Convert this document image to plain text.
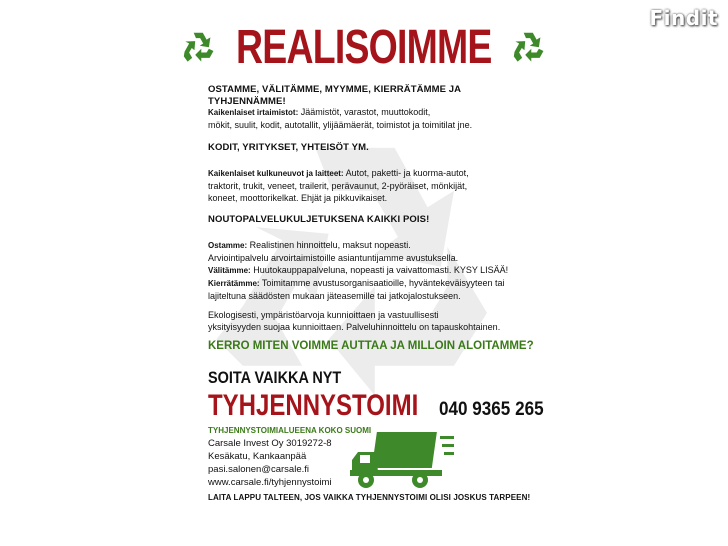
Findit
REALISOIMME

OSTAMME, VÄLITÄMME, MYYMME, KIERRÄTÄMME JA TYHJENNÄMME!

Kaikenlaiset irtaimistot: Jäämistöt, varastot, muuttokodit,

mökit, suulit, kodit, autotallit, ylijäämäerät, toimistot ja toimitilat jne.

KODIT, YRITYKSET, YHTEISÖT YM.

Kaikenlaiset kulkuneuvot ja laitteet: Autot, paketti- ja kuorma-autot,

traktorit, trukit, veneet, trailerit, perävaunut, 2-pyöräiset, mönkijät,

koneet, moottorikelkat. Ehjät ja pikkuvikaiset.

NOUTOPALVELUKULJETUKSENA KAIKKI POIS!

Ostamme: Realistinen hinnoittelu, maksut nopeasti.

Arviointipalvelu arvoirtaimistoille asiantuntijamme avustuksella.

Välitämme: Huutokauppapalveluna, nopeasti ja vaivattomasti. KYSY LISÄÄ!

Kierrätämme: Toimitamme avustusorganisaatioille, hyväntekeväisyyteen tai

lajiteltuna säädösten mukaan jäteasemille tai jatkojalostukseen.

Ekologisesti, ympäristöarvoja kunnioittaen ja vastuullisesti

yksityisyyden suojaa kunnioittaen. Palveluhinnoittelu on tapauskohtainen.

KERRO MITEN VOIMME AUTTAA JA MILLOIN ALOITAMME?

SOITA VAIKKA NYT

TYHJENNYSTOIMI 040 9365 265

TYHJENNYSTOIMIALUEENA KOKO SUOMI

Carsale Invest Oy 3019272-8

Kesäkatu, Kankaanpää

pasi.salonen@carsale.fi

www.carsale.fi/tyhjennystoimi

LAITA LAPPU TALTEEN, JOS VAIKKA TYHJENNYSTOIMI OLISI JOSKUS TARPEEN!
